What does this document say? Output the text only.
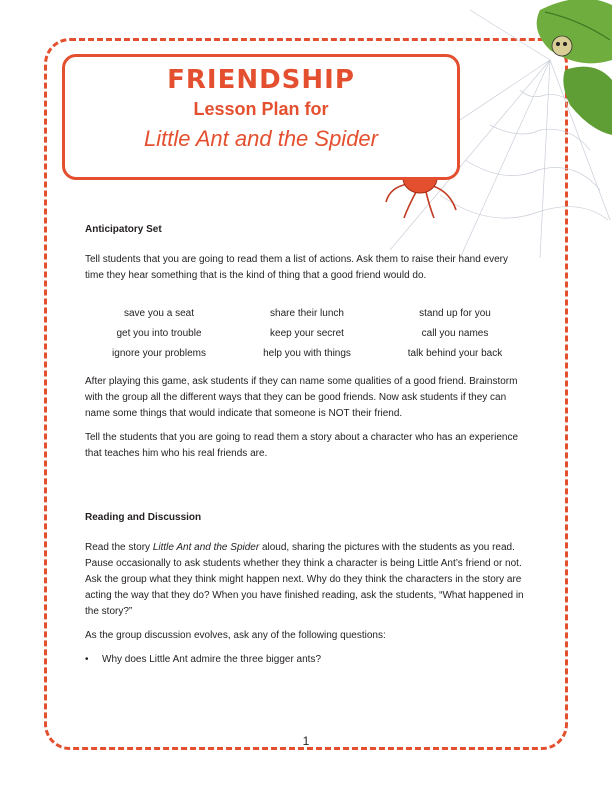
FRIENDSHIP
Lesson Plan for
Little Ant and the Spider
Anticipatory Set

Tell students that you are going to read them a list of actions. Ask them to raise their hand every time they hear something that is the kind of thing that a good friend would do.

save you a seat	share their lunch	stand up for you
get you into trouble	keep your secret	call you names
ignore your problems	help you with things	talk behind your back

After playing this game, ask students if they can name some qualities of a good friend. Brainstorm with the group all the different ways that they can be good friends. Now ask students if they can name some things that would indicate that someone is NOT their friend.

Tell the students that you are going to read them a story about a character who has an experience that teaches him who his real friends are.

Reading and Discussion

Read the story Little Ant and the Spider aloud, sharing the pictures with the students as you read. Pause occasionally to ask students whether they think a character is being Little Ant’s friend or not. Ask the group what they think might happen next. Why do they think the characters in the story are acting the way that they do? When you have finished reading, ask the students, “What happened in the story?”

As the group discussion evolves, ask any of the following questions:

• Why does Little Ant admire the three bigger ants?
1
